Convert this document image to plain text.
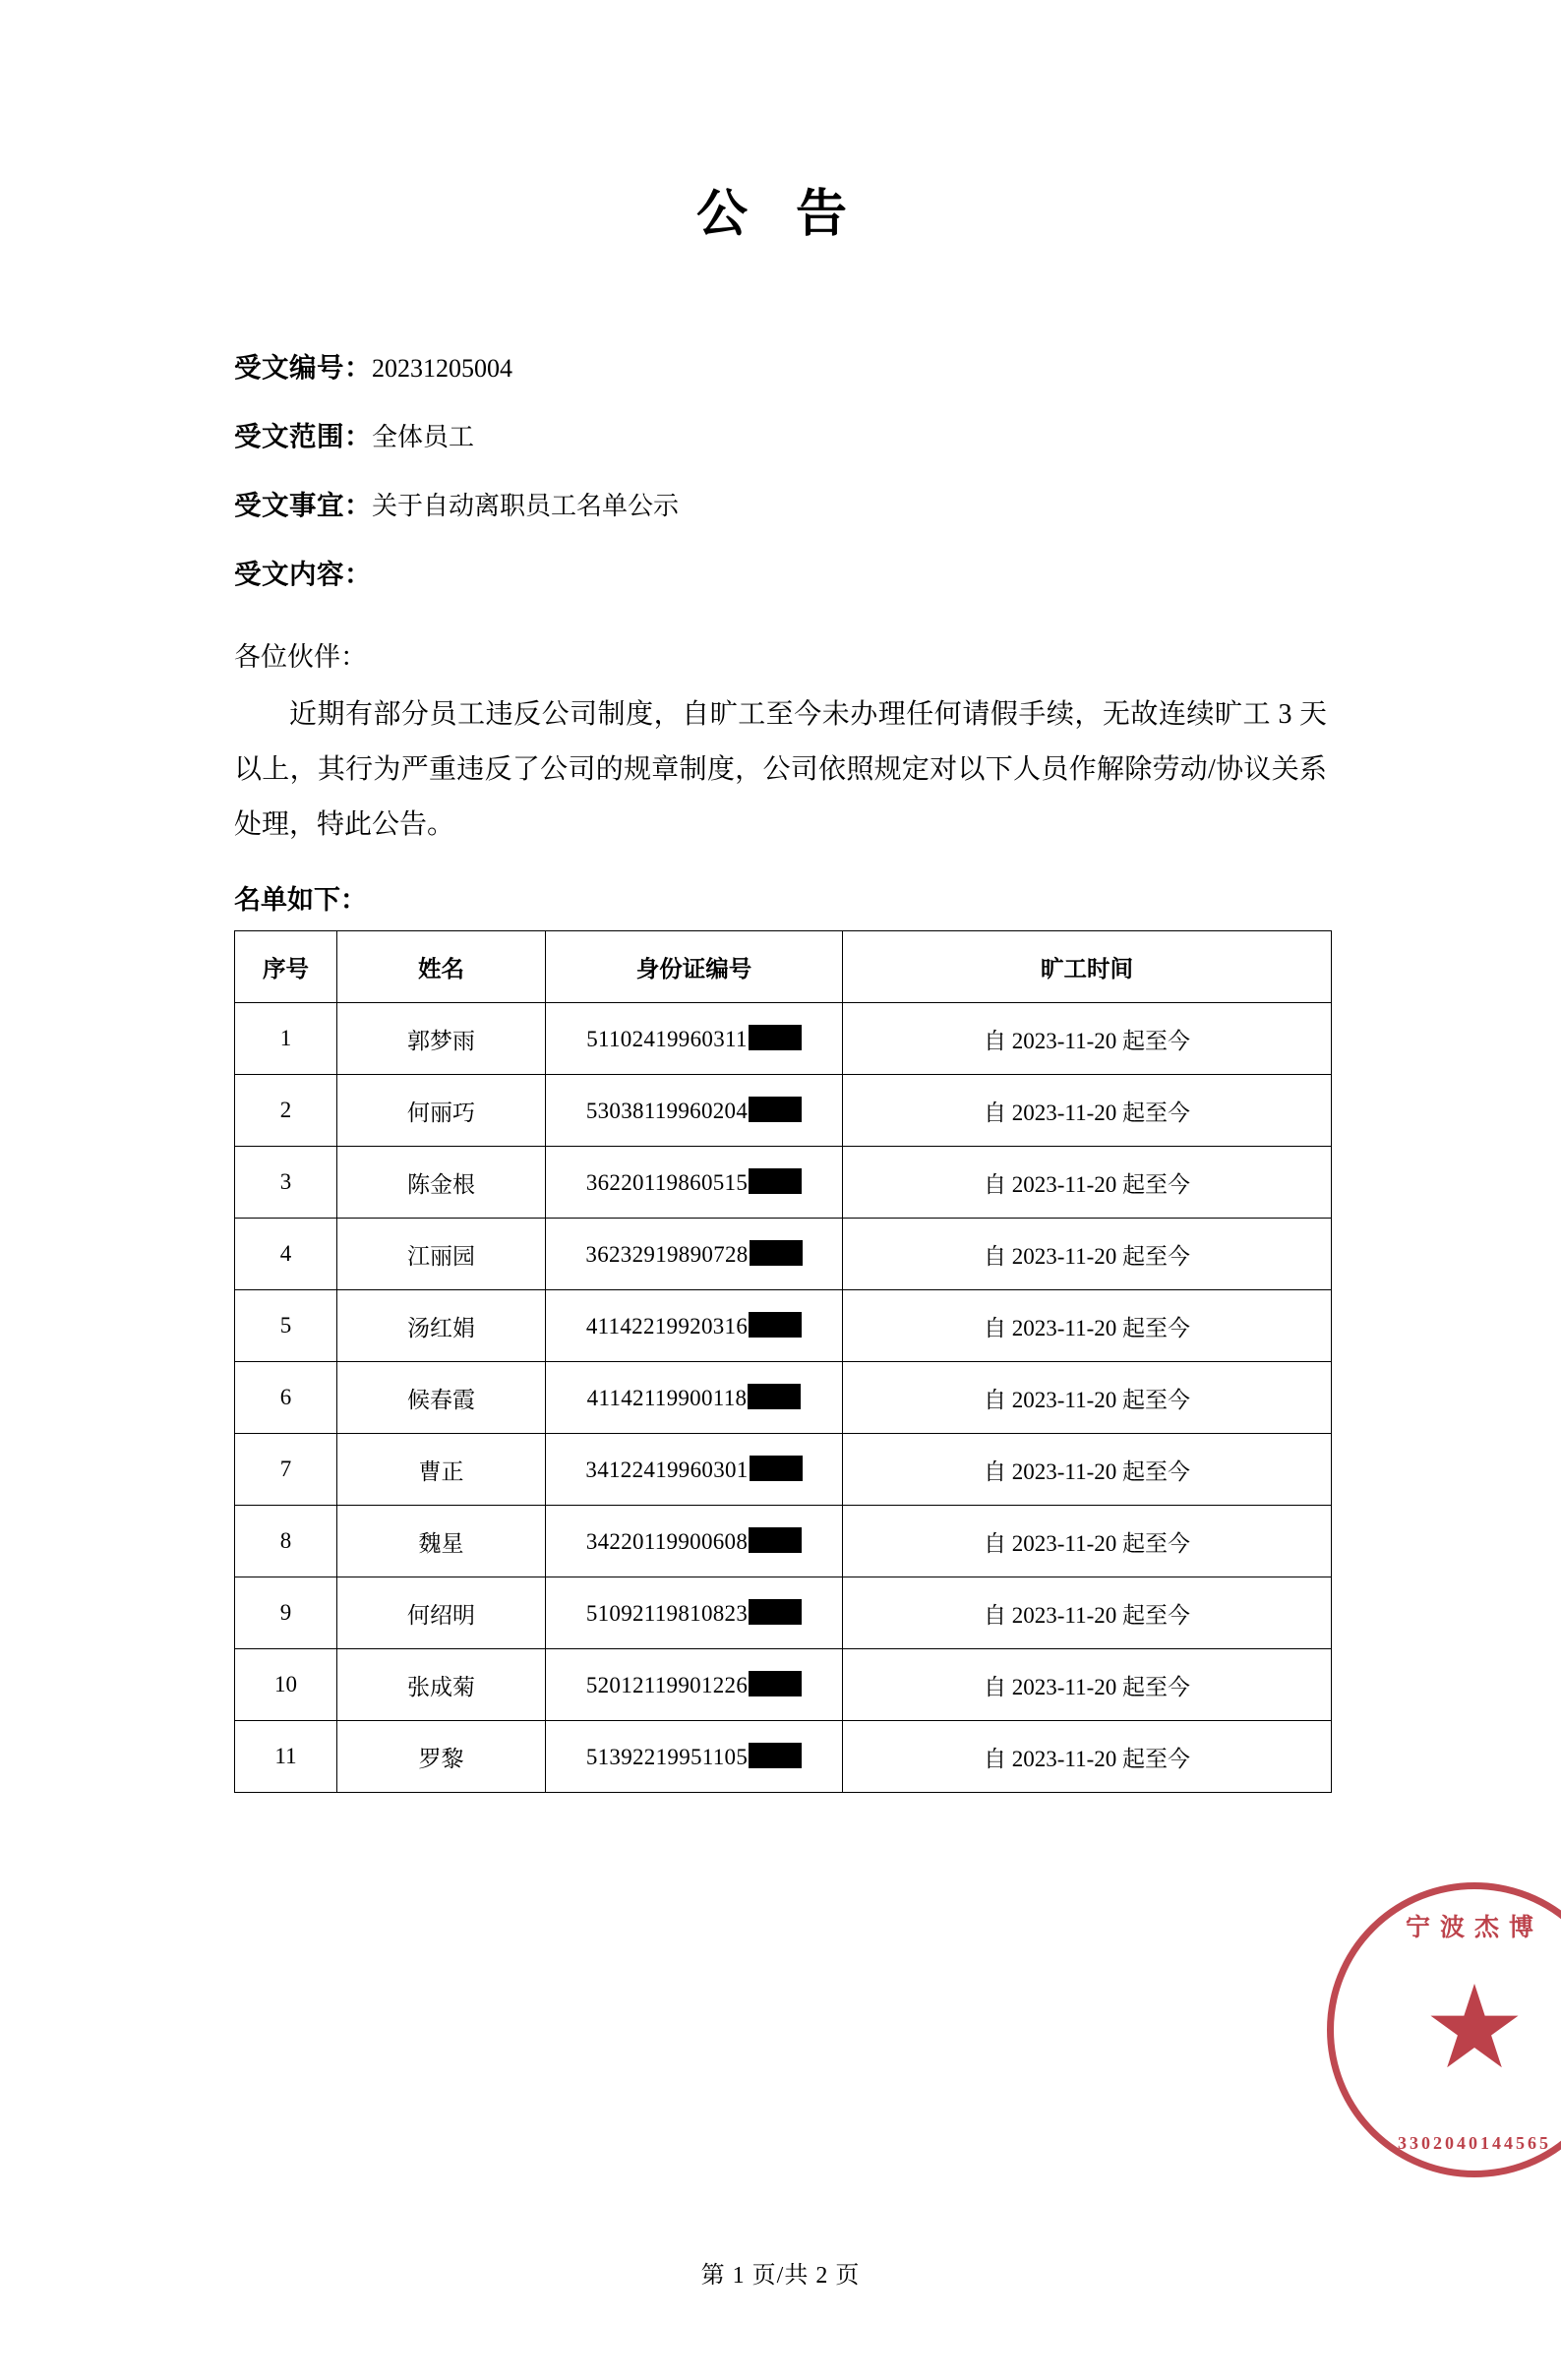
公 告
受文编号：20231205004
受文范围：全体员工
受文事宜：关于自动离职员工名单公示
受文内容：
各位伙伴：

近期有部分员工违反公司制度，自旷工至今未办理任何请假手续，无故连续旷工 3 天以上，其行为严重违反了公司的规章制度，公司依照规定对以下人员作解除劳动/协议关系处理，特此公告。

名单如下：
序号	姓名	身份证编号	旷工时间
1	郭梦雨	51102419960311	自 2023-11-20 起至今
2	何丽巧	53038119960204	自 2023-11-20 起至今
3	陈金根	36220119860515	自 2023-11-20 起至今
4	江丽园	36232919890728	自 2023-11-20 起至今
5	汤红娟	41142219920316	自 2023-11-20 起至今
6	候春霞	41142119900118	自 2023-11-20 起至今
7	曹正	34122419960301	自 2023-11-20 起至今
8	魏星	34220119900608	自 2023-11-20 起至今
9	何绍明	51092119810823	自 2023-11-20 起至今
10	张成菊	52012119901226	自 2023-11-20 起至今
11	罗黎	51392219951105	自 2023-11-20 起至今
宁波杰博
★
3302040144565
第 1 页/共 2 页
